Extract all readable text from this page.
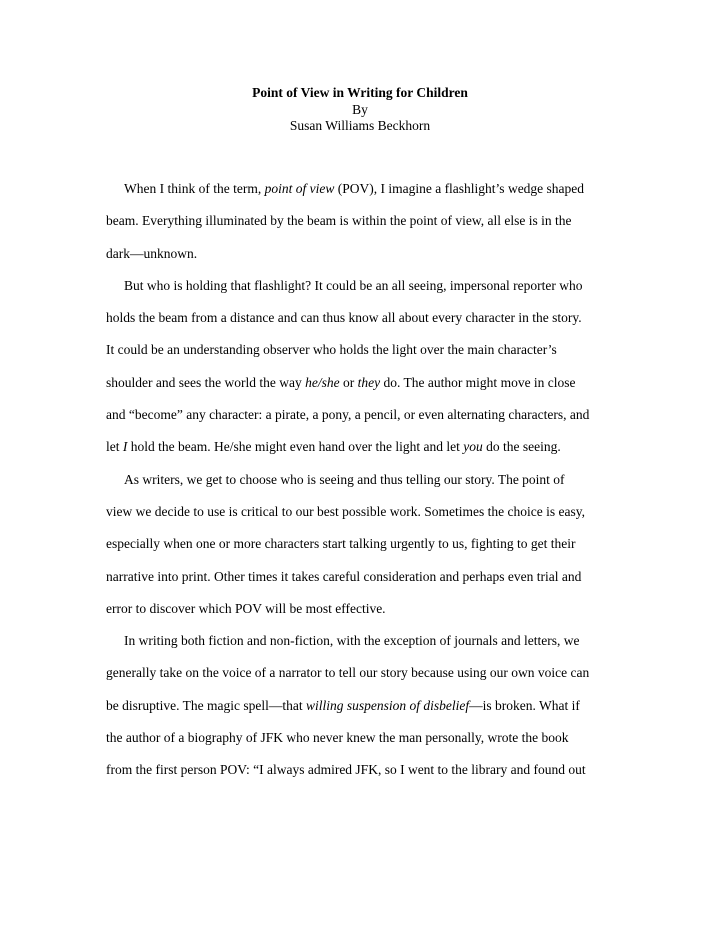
Point of View in Writing for Children
By
Susan Williams Beckhorn
When I think of the term, point of view (POV), I imagine a flashlight’s wedge shaped
beam. Everything illuminated by the beam is within the point of view, all else is in the
dark—unknown.
But who is holding that flashlight? It could be an all seeing, impersonal reporter who
holds the beam from a distance and can thus know all about every character in the story.
It could be an understanding observer who holds the light over the main character’s
shoulder and sees the world the way he/she or they do. The author might move in close
and “become” any character: a pirate, a pony, a pencil, or even alternating characters, and
let I hold the beam. He/she might even hand over the light and let you do the seeing.
As writers, we get to choose who is seeing and thus telling our story. The point of
view we decide to use is critical to our best possible work. Sometimes the choice is easy,
especially when one or more characters start talking urgently to us, fighting to get their
narrative into print. Other times it takes careful consideration and perhaps even trial and
error to discover which POV will be most effective.
In writing both fiction and non-fiction, with the exception of journals and letters, we
generally take on the voice of a narrator to tell our story because using our own voice can
be disruptive. The magic spell—that willing suspension of disbelief—is broken. What if
the author of a biography of JFK who never knew the man personally, wrote the book
from the first person POV: “I always admired JFK, so I went to the library and found out
